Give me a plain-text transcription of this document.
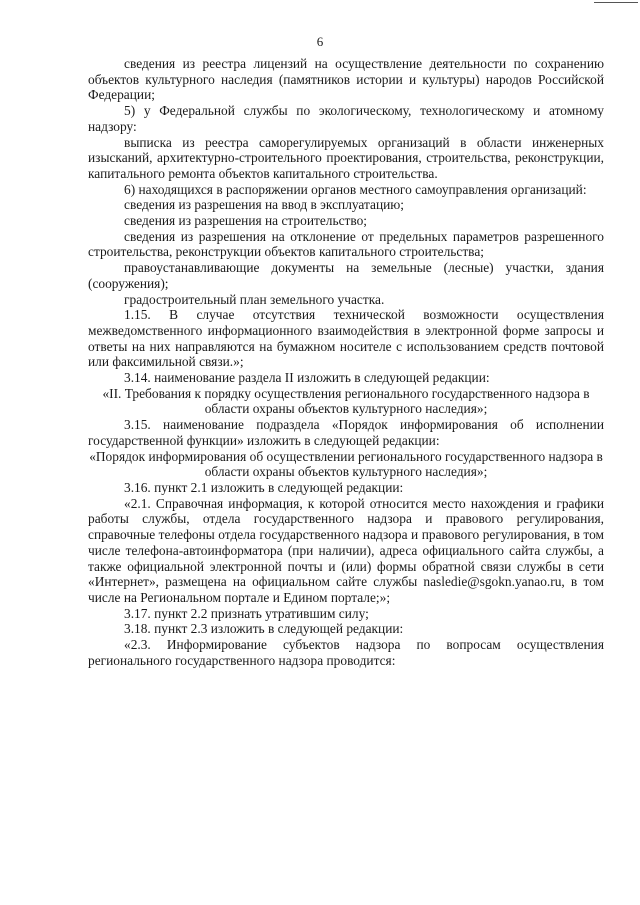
6

сведения из реестра лицензий на осуществление деятельности по сохранению объектов культурного наследия (памятников истории и культуры) народов Российской Федерации;

5) у Федеральной службы по экологическому, технологическому и атомному надзору:

выписка из реестра саморегулируемых организаций в области инженерных изысканий, архитектурно-строительного проектирования, строительства, реконструкции, капитального ремонта объектов капитального строительства.

6) находящихся в распоряжении органов местного самоуправления организаций:

сведения из разрешения на ввод в эксплуатацию;

сведения из разрешения на строительство;

сведения из разрешения на отклонение от предельных параметров разрешенного строительства, реконструкции объектов капитального строительства;

правоустанавливающие документы на земельные (лесные) участки, здания (сооружения);

градостроительный план земельного участка.

1.15. В случае отсутствия технической возможности осуществления межведомственного информационного взаимодействия в электронной форме запросы и ответы на них направляются на бумажном носителе с использованием средств почтовой или факсимильной связи.»;

3.14. наименование раздела II изложить в следующей редакции:

«II. Требования к порядку осуществления регионального государственного надзора в области охраны объектов культурного наследия»;

3.15. наименование подраздела «Порядок информирования об исполнении государственной функции» изложить в следующей редакции:

«Порядок информирования об осуществлении регионального государственного надзора в области охраны объектов культурного наследия»;

3.16. пункт 2.1 изложить в следующей редакции:

«2.1. Справочная информация, к которой относится место нахождения и графики работы службы, отдела государственного надзора и правового регулирования, справочные телефоны отдела государственного надзора и правового регулирования, в том числе телефона-автоинформатора (при наличии), адреса официального сайта службы, а также официальной электронной почты и (или) формы обратной связи службы в сети «Интернет», размещена на официальном сайте службы nasledie@sgokn.yanao.ru, в том числе на Региональном портале и Едином портале;»;

3.17. пункт 2.2 признать утратившим силу;

3.18. пункт 2.3 изложить в следующей редакции:

«2.3. Информирование субъектов надзора по вопросам осуществления регионального государственного надзора проводится:
